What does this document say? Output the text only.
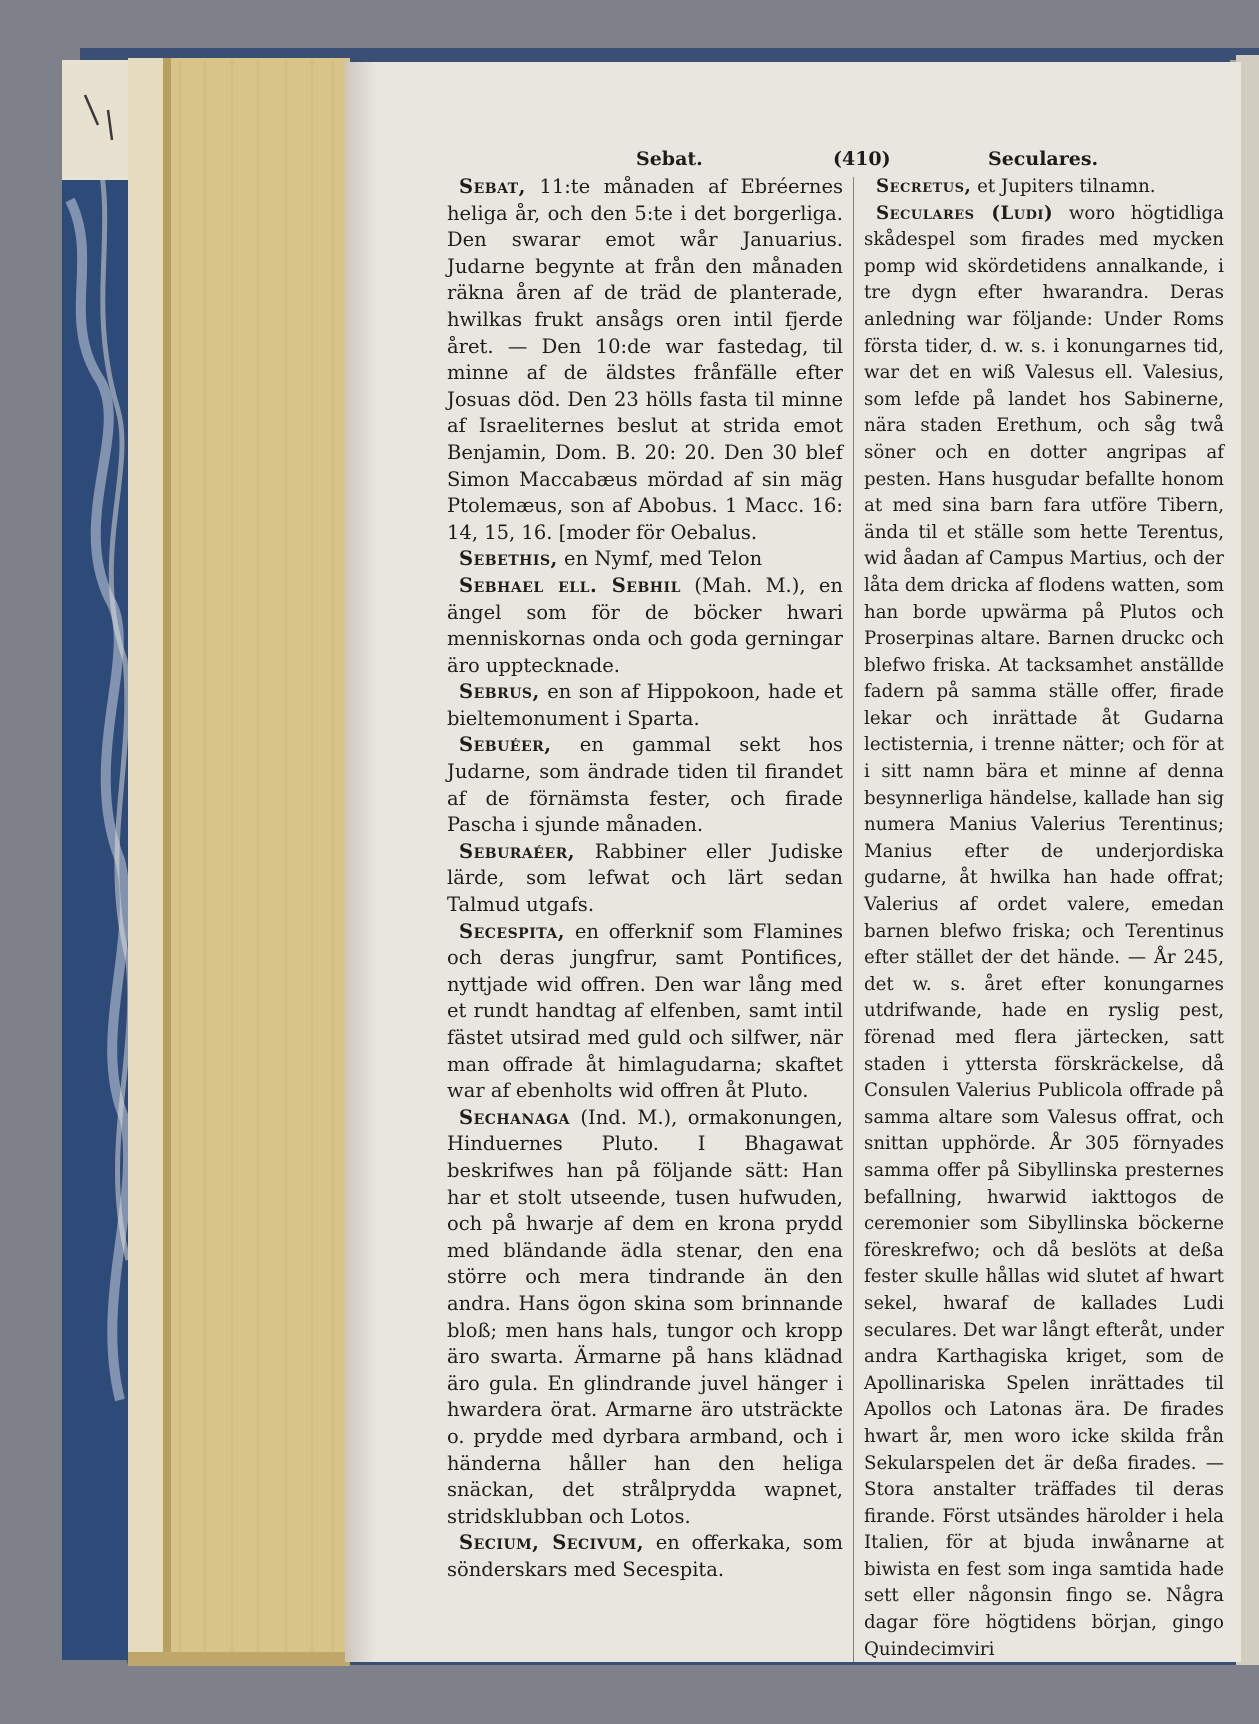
Sebat.	(410)	Seculares.

Sebat, 11:te månaden af Ebréernes heliga år, och den 5:te i det borgerliga. Den swarar emot wår Januarius. Judarne begynte at från den månaden räkna åren af de träd de planterade, hwilkas frukt ansågs oren intil fjerde året. — Den 10:de war fastedag, til minne af de äldstes frånfälle efter Josuas död. Den 23 hölls fasta til minne af Israeliternes beslut at strida emot Benjamin, Dom. B. 20: 20. Den 30 blef Simon Maccabæus mördad af sin mäg Ptolemæus, son af Abobus. 1 Macc. 16: 14, 15, 16. [moder för Oebalus.

Sebethis, en Nymf, med Telon

Sebhael ell. Sebhil (Mah. M.), en ängel som för de böcker hwari menniskornas onda och goda gerningar äro upptecknade.

Sebrus, en son af Hippokoon, hade et bieltemonument i Sparta.

Sebuéer, en gammal sekt hos Judarne, som ändrade tiden til firandet af de förnämsta fester, och firade Pascha i sjunde månaden.

Seburaéer, Rabbiner eller Judiske lärde, som lefwat och lärt sedan Talmud utgafs.

Secespita, en offerknif som Flamines och deras jungfrur, samt Pontifices, nyttjade wid offren. Den war lång med et rundt handtag af elfenben, samt intil fästet utsirad med guld och silfwer, när man offrade åt himlagudarna; skaftet war af ebenholts wid offren åt Pluto.

Sechanaga (Ind. M.), ormakonungen, Hinduernes Pluto. I Bhagawat beskrifwes han på följande sätt: Han har et stolt utseende, tusen hufwuden, och på hwarje af dem en krona prydd med bländande ädla stenar, den ena större och mera tindrande än den andra. Hans ögon skina som brinnande bloß; men hans hals, tungor och kropp äro swarta. Ärmarne på hans klädnad äro gula. En glindrande juvel hänger i hwardera örat. Armarne äro utsträckte o. prydde med dyrbara armband, och i händerna håller han den heliga snäckan, det strålprydda wapnet, stridsklubban och Lotos.

Secium, Secivum, en offerkaka, som sönderskars med Secespita.

Secretus, et Jupiters tilnamn.

Seculares (Ludi) woro högtidliga skådespel som firades med mycken pomp wid skördetidens annalkande, i tre dygn efter hwarandra. Deras anledning war följande: Under Roms första tider, d. w. s. i konungarnes tid, war det en wiß Valesus ell. Valesius, som lefde på landet hos Sabinerne, nära staden Erethum, och såg twå söner och en dotter angripas af pesten. Hans husgudar befallte honom at med sina barn fara utföre Tibern, ända til et ställe som hette Terentus, wid åadan af Campus Martius, och der låta dem dricka af flodens watten, som han borde upwärma på Plutos och Proserpinas altare. Barnen druckc och blefwo friska. At tacksamhet anställde fadern på samma ställe offer, firade lekar och inrättade åt Gudarna lectisternia, i trenne nätter; och för at i sitt namn bära et minne af denna besynnerliga händelse, kallade han sig numera Manius Valerius Terentinus; Manius efter de underjordiska gudarne, åt hwilka han hade offrat; Valerius af ordet valere, emedan barnen blefwo friska; och Terentinus efter stället der det hände. — År 245, det w. s. året efter konungarnes utdrifwande, hade en ryslig pest, förenad med flera järtecken, satt staden i yttersta förskräckelse, då Consulen Valerius Publicola offrade på samma altare som Valesus offrat, och snittan upphörde. År 305 förnyades samma offer på Sibyllinska presternes befallning, hwarwid iakttogos de ceremonier som Sibyllinska böckerne föreskrefwo; och då beslöts at deßa fester skulle hållas wid slutet af hwart sekel, hwaraf de kallades Ludi seculares. Det war långt efteråt, under andra Karthagiska kriget, som de Apollinariska Spelen inrättades til Apollos och Latonas ära. De firades hwart år, men woro icke skilda från Sekularspelen det är deßa firades. — Stora anstalter träffades til deras firande. Först utsändes härolder i hela Italien, för at bjuda inwånarne at biwista en fest som inga samtida hade sett eller någonsin fingo se. Några dagar före högtidens början, gingo Quindecimviri
